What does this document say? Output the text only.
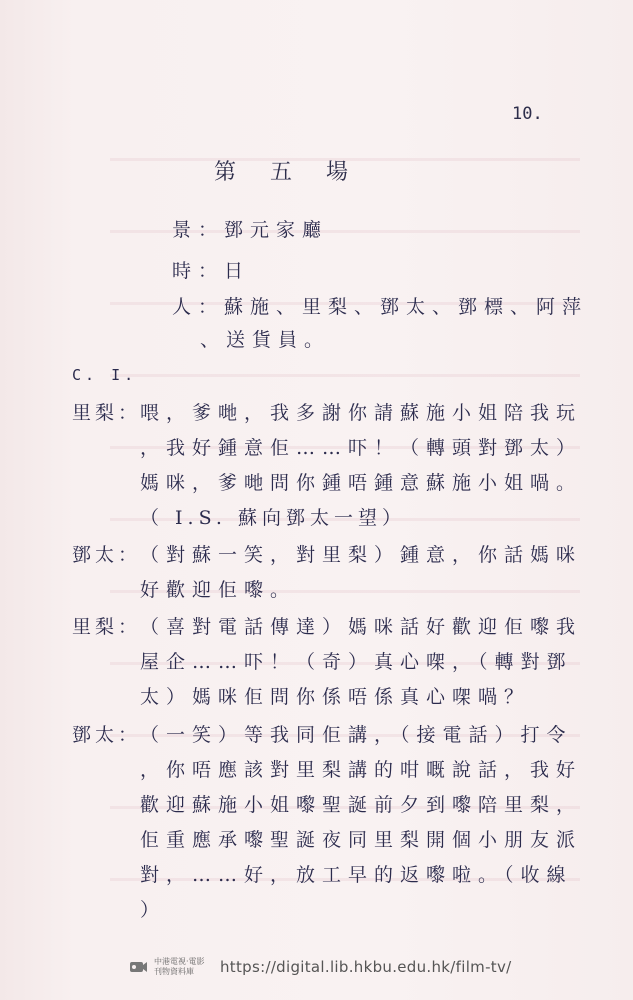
10.
第五場
景：鄧元家廳
時：日
人：蘇施、里梨、鄧太、鄧標、阿萍
、送貨員。
C. I.
里梨：
喂，爹哋，我多謝你請蘇施小姐陪我玩
，我好鍾意佢……吓！（轉頭對鄧太）
媽咪，爹哋問你鍾唔鍾意蘇施小姐喎。
（ I.S. 蘇向鄧太一望）
鄧太：
（對蘇一笑，對里梨）鍾意，你話媽咪
好歡迎佢嚟。
里梨：
（喜對電話傳達）媽咪話好歡迎佢嚟我
屋企……吓！（奇）真心㗎，（轉對鄧
太）媽咪佢問你係唔係真心㗎喎？
鄧太：
（一笑）等我同佢講，（接電話）打令
，你唔應該對里梨講的咁嘅說話，我好
歡迎蘇施小姐嚟聖誕前夕到嚟陪里梨，
佢重應承嚟聖誕夜同里梨開個小朋友派
對，……好，放工早的返嚟啦。（收線
）
中港電視‧電影 刊物資料庫	https://digital.lib.hkbu.edu.hk/film-tv/
